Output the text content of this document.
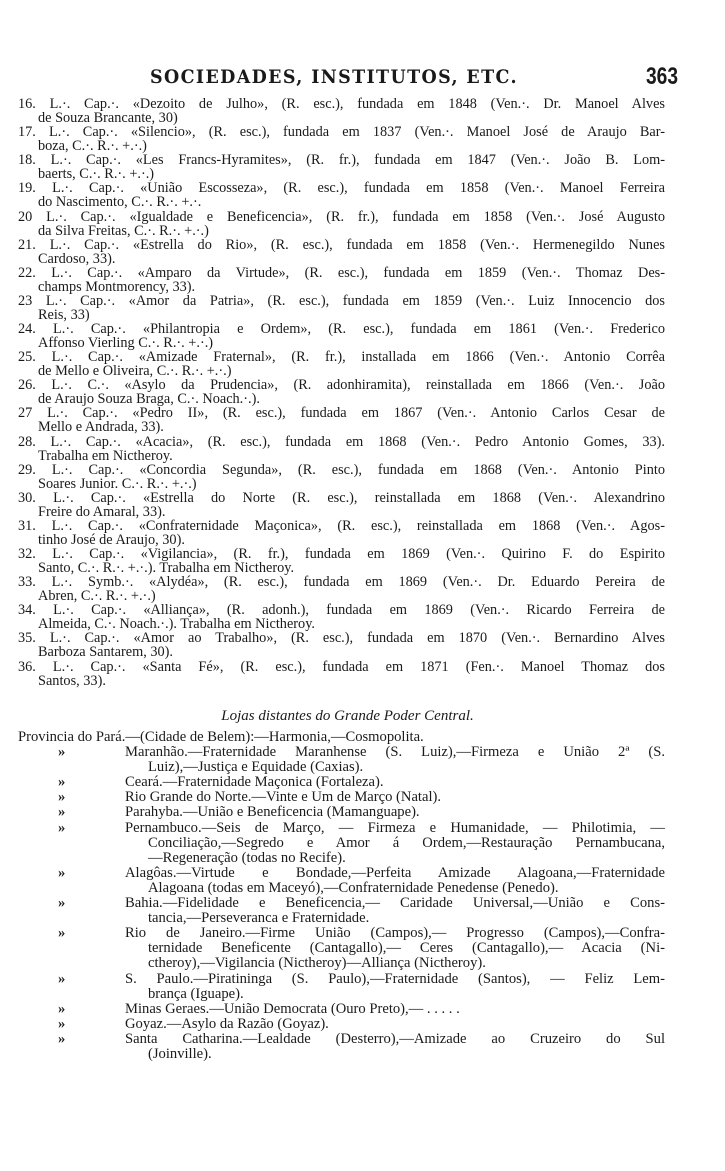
SOCIEDADES, INSTITUTOS, ETC.	363
16. L.·. Cap.·. «Dezoito de Julho», (R. esc.), fundada em 1848 (Ven.·. Dr. Manoel Alves
de Souza Brancante, 30)
17. L.·. Cap.·. «Silencio», (R. esc.), fundada em 1837 (Ven.·. Manoel José de Araujo Bar-
boza, C.·. R.·. +.·.)
18. L.·. Cap.·. «Les Francs-Hyramites», (R. fr.), fundada em 1847 (Ven.·. João B. Lom-
baerts, C.·. R.·. +.·.)
19. L.·. Cap.·. «União Escosseza», (R. esc.), fundada em 1858 (Ven.·. Manoel Ferreira
do Nascimento, C.·. R.·. +.·.
20 L.·. Cap.·. «Igualdade e Beneficencia», (R. fr.), fundada em 1858 (Ven.·. José Augusto
da Silva Freitas, C.·. R.·. +.·.)
21. L.·. Cap.·. «Estrella do Rio», (R. esc.), fundada em 1858 (Ven.·. Hermenegildo Nunes
Cardoso, 33).
22. L.·. Cap.·. «Amparo da Virtude», (R. esc.), fundada em 1859 (Ven.·. Thomaz Des-
champs Montmorency, 33).
23 L.·. Cap.·. «Amor da Patria», (R. esc.), fundada em 1859 (Ven.·. Luiz Innocencio dos
Reis, 33)
24. L.·. Cap.·. «Philantropia e Ordem», (R. esc.), fundada em 1861 (Ven.·. Frederico
Affonso Vierling C.·. R.·. +.·.)
25. L.·. Cap.·. «Amizade Fraternal», (R. fr.), installada em 1866 (Ven.·. Antonio Corrêa
de Mello e Oliveira, C.·. R.·. +.·.)
26. L.·. C.·. «Asylo da Prudencia», (R. adonhiramita), reinstallada em 1866 (Ven.·. João
de Araujo Souza Braga, C.·. Noach.·.).
27 L.·. Cap.·. «Pedro II», (R. esc.), fundada em 1867 (Ven.·. Antonio Carlos Cesar de
Mello e Andrada, 33).
28. L.·. Cap.·. «Acacia», (R. esc.), fundada em 1868 (Ven.·. Pedro Antonio Gomes, 33).
Trabalha em Nictheroy.
29. L.·. Cap.·. «Concordia Segunda», (R. esc.), fundada em 1868 (Ven.·. Antonio Pinto
Soares Junior. C.·. R.·. +.·.)
30. L.·. Cap.·. «Estrella do Norte (R. esc.), reinstallada em 1868 (Ven.·. Alexandrino
Freire do Amaral, 33).
31. L.·. Cap.·. «Confraternidade Maçonica», (R. esc.), reinstallada em 1868 (Ven.·. Agos-
tinho José de Araujo, 30).
32. L.·. Cap.·. «Vigilancia», (R. fr.), fundada em 1869 (Ven.·. Quirino F. do Espirito
Santo, C.·. R.·. +.·.). Trabalha em Nictheroy.
33. L.·. Symb.·. «Alydéa», (R. esc.), fundada em 1869 (Ven.·. Dr. Eduardo Pereira de
Abren, C.·. R.·. +.·.)
34. L.·. Cap.·. «Alliança», (R. adonh.), fundada em 1869 (Ven.·. Ricardo Ferreira de
Almeida, C.·. Noach.·.). Trabalha em Nictheroy.
35. L.·. Cap.·. «Amor ao Trabalho», (R. esc.), fundada em 1870 (Ven.·. Bernardino Alves
Barboza Santarem, 30).
36. L.·. Cap.·. «Santa Fé», (R. esc.), fundada em 1871 (Fen.·. Manoel Thomaz dos
Santos, 33).
Lojas distantes do Grande Poder Central.
Provincia do Pará.—(Cidade de Belem):—Harmonia,—Cosmopolita.
»	Maranhão.—Fraternidade Maranhense (S. Luiz),—Firmeza e União 2ª (S.
Luiz),—Justiça e Equidade (Caxias).
»	Ceará.—Fraternidade Maçonica (Fortaleza).
»	Rio Grande do Norte.—Vinte e Um de Março (Natal).
»	Parahyba.—União e Beneficencia (Mamanguape).
»	Pernambuco.—Seis de Março, — Firmeza e Humanidade, — Philotimia, —
Conciliação,—Segredo e Amor á Ordem,—Restauração Pernambucana,
—Regeneração (todas no Recife).
»	Alagôas.—Virtude e Bondade,—Perfeita Amizade Alagoana,—Fraternidade
Alagoana (todas em Maceyó),—Confraternidade Penedense (Penedo).
»	Bahia.—Fidelidade e Beneficencia,— Caridade Universal,—União e Cons-
tancia,—Perseveranca e Fraternidade.
»	Rio de Janeiro.—Firme União (Campos),— Progresso (Campos),—Confra-
ternidade Beneficente (Cantagallo),— Ceres (Cantagallo),— Acacia (Ni-
ctheroy),—Vigilancia (Nictheroy)—Alliança (Nictheroy).
»	S. Paulo.—Piratininga (S. Paulo),—Fraternidade (Santos), — Feliz Lem-
brança (Iguape).
»	Minas Geraes.—União Democrata (Ouro Preto),— . . . . .
»	Goyaz.—Asylo da Razão (Goyaz).
»	Santa Catharina.—Lealdade (Desterro),—Amizade ao Cruzeiro do Sul
(Joinville).
